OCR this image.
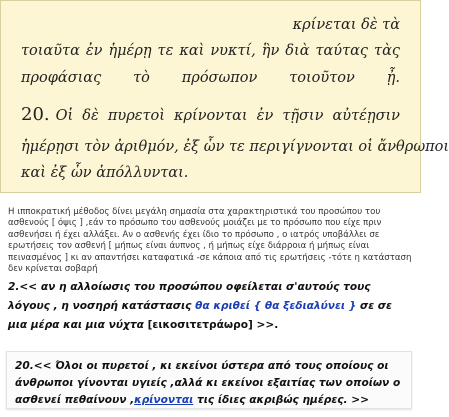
κρίνεται δὲ τὰ
τοιαῦτα ἐν ἡμέρῃ τε καὶ νυκτί, ἣν διὰ ταύτας τὰς
προφάσιας τὸ πρόσωπον τοιοῦτον ᾖ.
20. Οἱ δὲ πυρετοὶ κρίνονται ἐν τῇσιν αὐτέῃσιν
ἡμέρῃσι τὸν ἀριθμόν, ἐξ ὧν τε περιγίγνονται οἱ ἄνθρωποι
καὶ ἐξ ὧν ἀπόλλυνται.
Η ιπποκρατική μέθοδος δίνει μεγάλη σημασία στα χαρακτηριστικά του προσώπου του ασθενούς [ όψις ] ,εάν το πρόσωπο του ασθενούς μοιάζει με το πρόσωπο που είχε πριν ασθενήσει ή έχει αλλάξει. Αν ο ασθενής έχει ίδιο το πρόσωπο , ο ιατρός υποβάλλει σε ερωτήσεις τον ασθενή [ μήπως είναι άυπνος , ή μήπως είχε διάρροια ή μήπως είναι πεινασμένος ] κι αν απαντήσει καταφατικά -σε κάποια από τις ερωτήσεις -τότε η κατάσταση δεν κρίνεται σοβαρή
2.<< αν η αλλοίωσις του προσώπου οφείλεται σ'αυτούς τους λόγους , η νοσηρή κατάστασις θα κριθεί { θα ξεδιαλύνει } σε σε μια μέρα και μια νύχτα [εικοσιτετράωρο] >>.
20.<< Όλοι οι πυρετοί , κι εκείνοι ύστερα από τους οποίους οι άνθρωποι γίνονται υγιείς ,αλλά κι εκείνοι εξαιτίας των οποίων ο ασθενεί πεθαίνουν ,κρίνονται τις ίδιες ακριβώς ημέρες. >>
